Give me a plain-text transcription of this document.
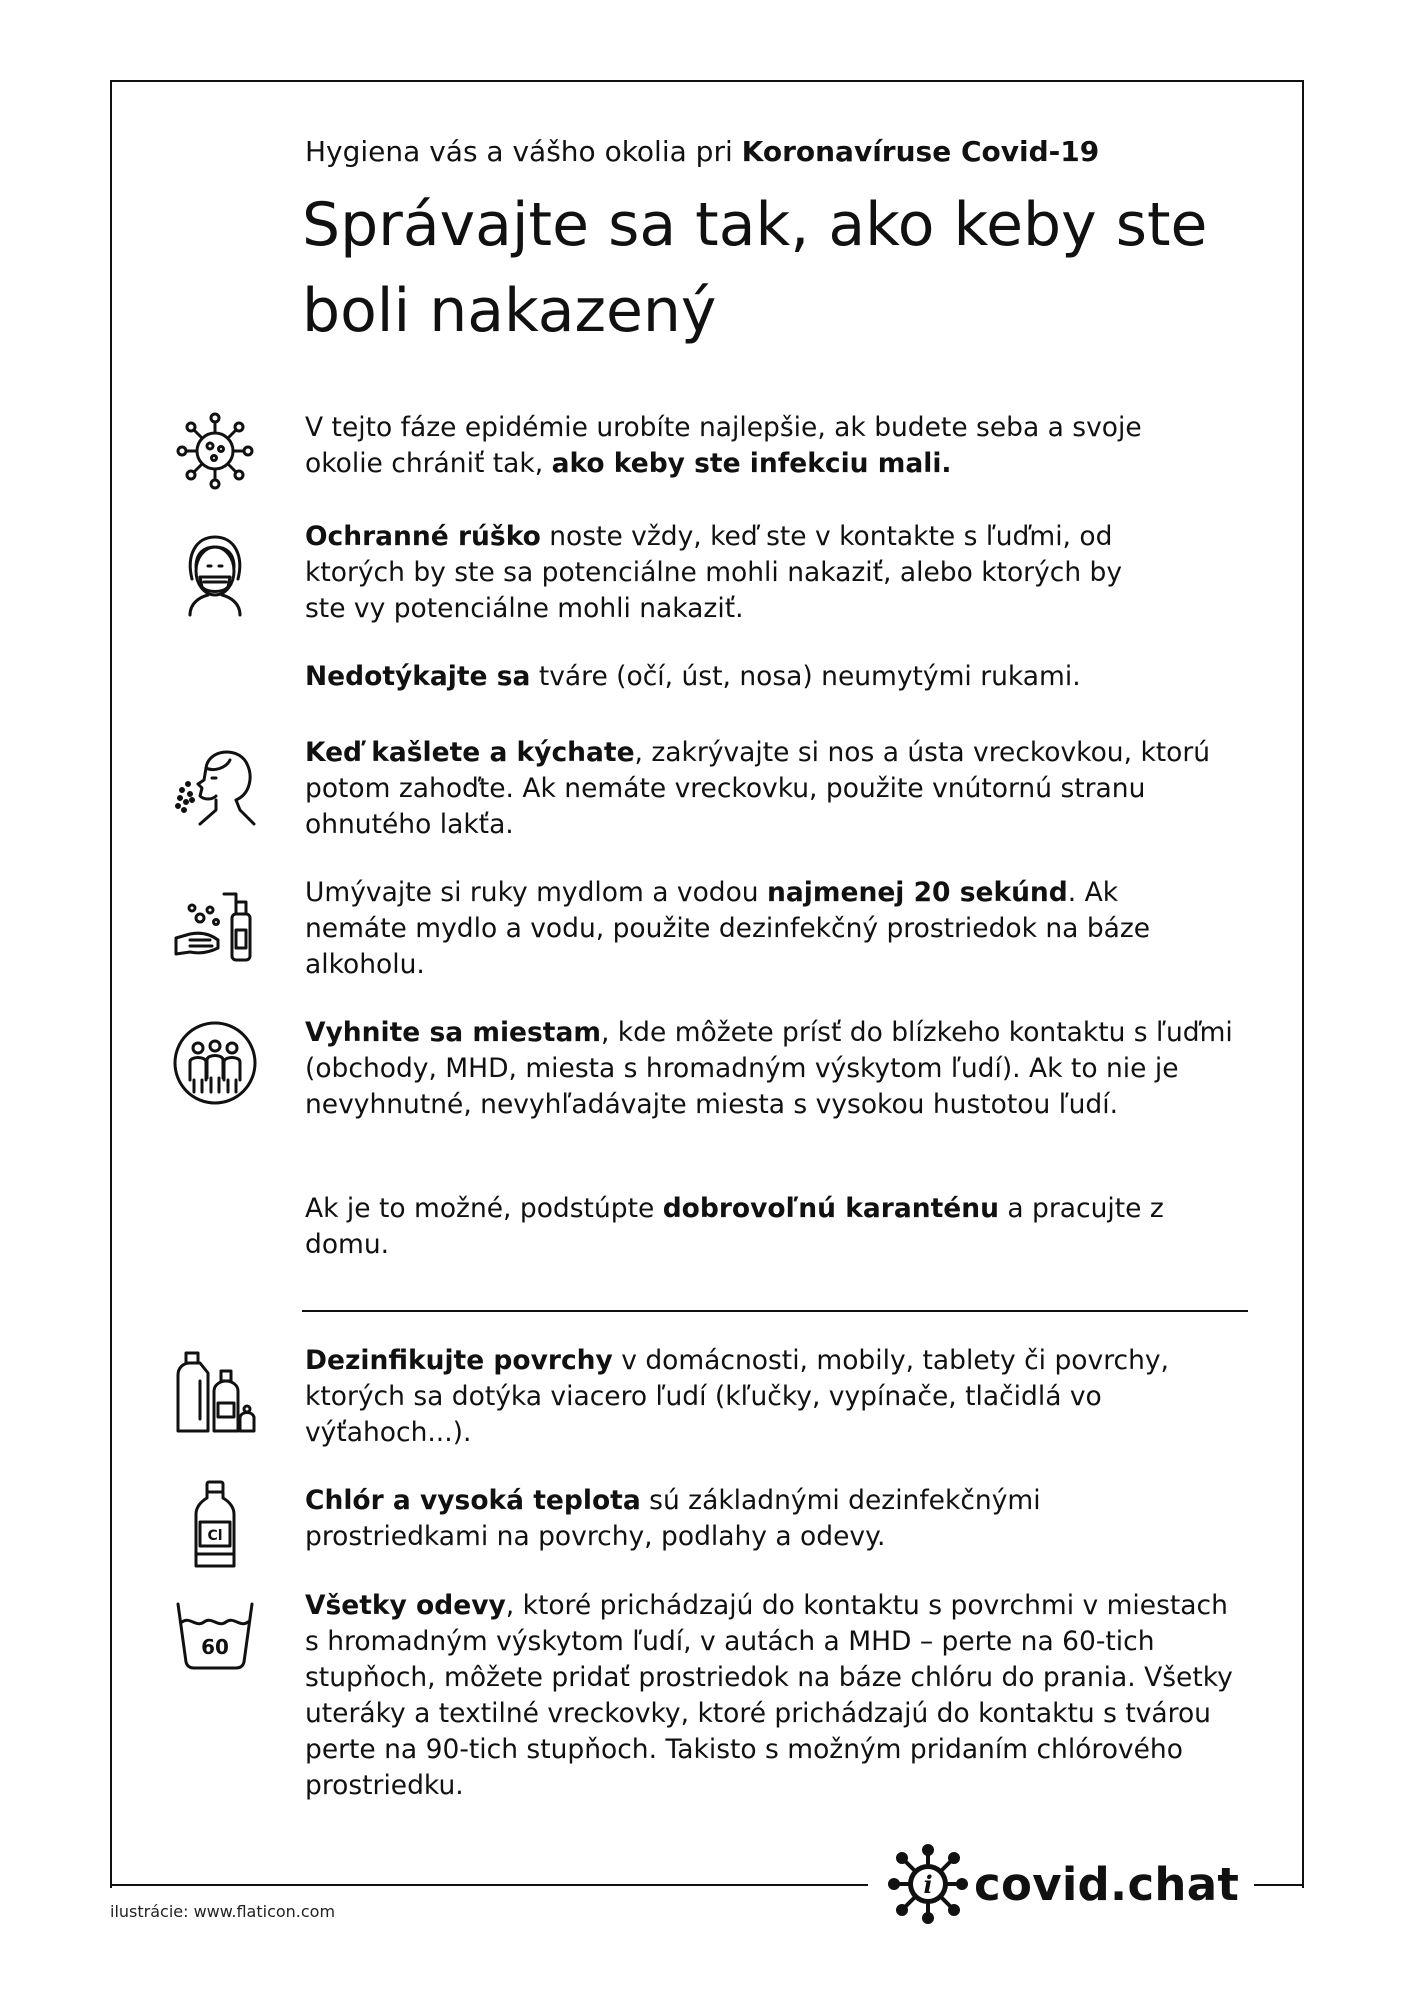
Hygiena vás a vášho okolia pri Koronavíruse Covid-19
Správajte sa tak, ako keby ste boli nakazený
Cl
60
V tejto fáze epidémie urobíte najlepšie, ak budete seba a svoje okolie chrániť tak, ako keby ste infekciu mali.
Ochranné rúško noste vždy, keď ste v kontakte s ľuďmi, od ktorých by ste sa potenciálne mohli nakaziť, alebo ktorých by ste vy potenciálne mohli nakaziť.
Nedotýkajte sa tváre (očí, úst, nosa) neumytými rukami.
Keď kašlete a kýchate, zakrývajte si nos a ústa vreckovkou, ktorú potom zahoďte. Ak nemáte vreckovku, použite vnútornú stranu ohnutého lakťa.
Umývajte si ruky mydlom a vodou najmenej 20 sekúnd. Ak nemáte mydlo a vodu, použite dezinfekčný prostriedok na báze alkoholu.
Vyhnite sa miestam, kde môžete prísť do blízkeho kontaktu s ľuďmi (obchody, MHD, miesta s hromadným výskytom ľudí). Ak to nie je nevyhnutné, nevyhľadávajte miesta s vysokou hustotou ľudí.
Ak je to možné, podstúpte dobrovoľnú karanténu a pracujte z domu.
Dezinfikujte povrchy v domácnosti, mobily, tablety či povrchy, ktorých sa dotýka viacero ľudí (kľučky, vypínače, tlačidlá vo výťahoch...).
Chlór a vysoká teplota sú základnými dezinfekčnými prostriedkami na povrchy, podlahy a odevy.
Všetky odevy, ktoré prichádzajú do kontaktu s povrchmi v miestach s hromadným výskytom ľudí, v autách a MHD – perte na 60-tich stupňoch, môžete pridať prostriedok na báze chlóru do prania. Všetky uteráky a textilné vreckovky, ktoré prichádzajú do kontaktu s tvárou perte na 90-tich stupňoch. Takisto s možným pridaním chlórového prostriedku.
ilustrácie: www.flaticon.com
i covid.chat
